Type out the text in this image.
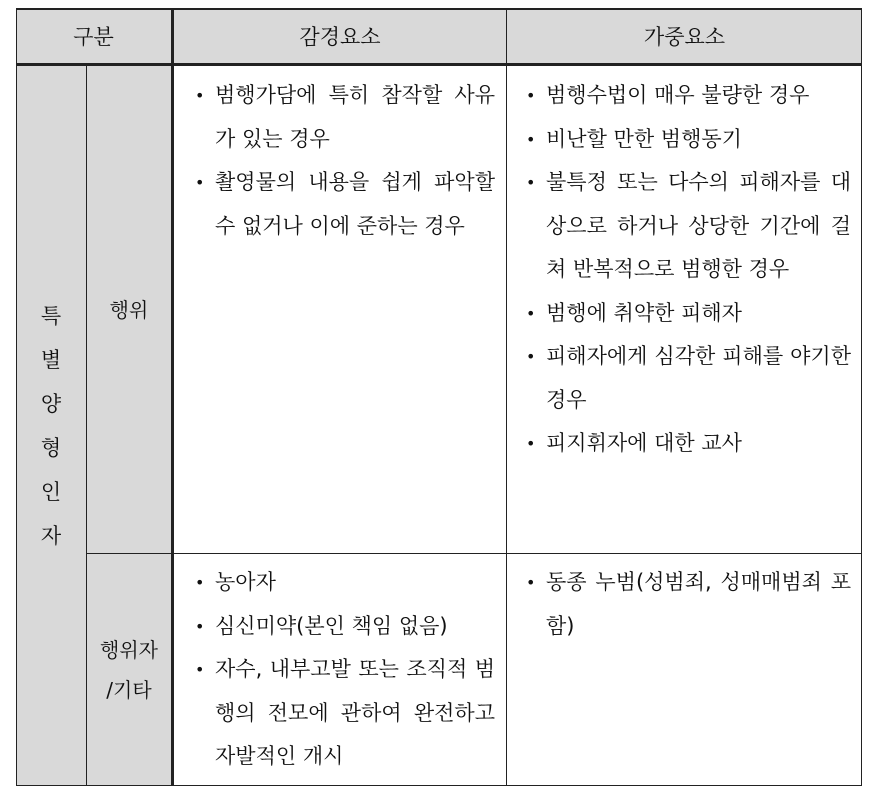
구분	감경요소	가중요소
특
별
양
형
인
자
행위
행위자
/기타
• 범행가담에 특히 참작할 사유가 있는 경우
• 촬영물의 내용을 쉽게 파악할 수 없거나 이에 준하는 경우
• 범행수법이 매우 불량한 경우
• 비난할 만한 범행동기
• 불특정 또는 다수의 피해자를 대상으로 하거나 상당한 기간에 걸쳐 반복적으로 범행한 경우
• 범행에 취약한 피해자
• 피해자에게 심각한 피해를 야기한 경우
• 피지휘자에 대한 교사
• 농아자
• 심신미약(본인 책임 없음)
• 자수, 내부고발 또는 조직적 범행의 전모에 관하여 완전하고 자발적인 개시
• 동종 누범(성범죄, 성매매범죄 포함)
